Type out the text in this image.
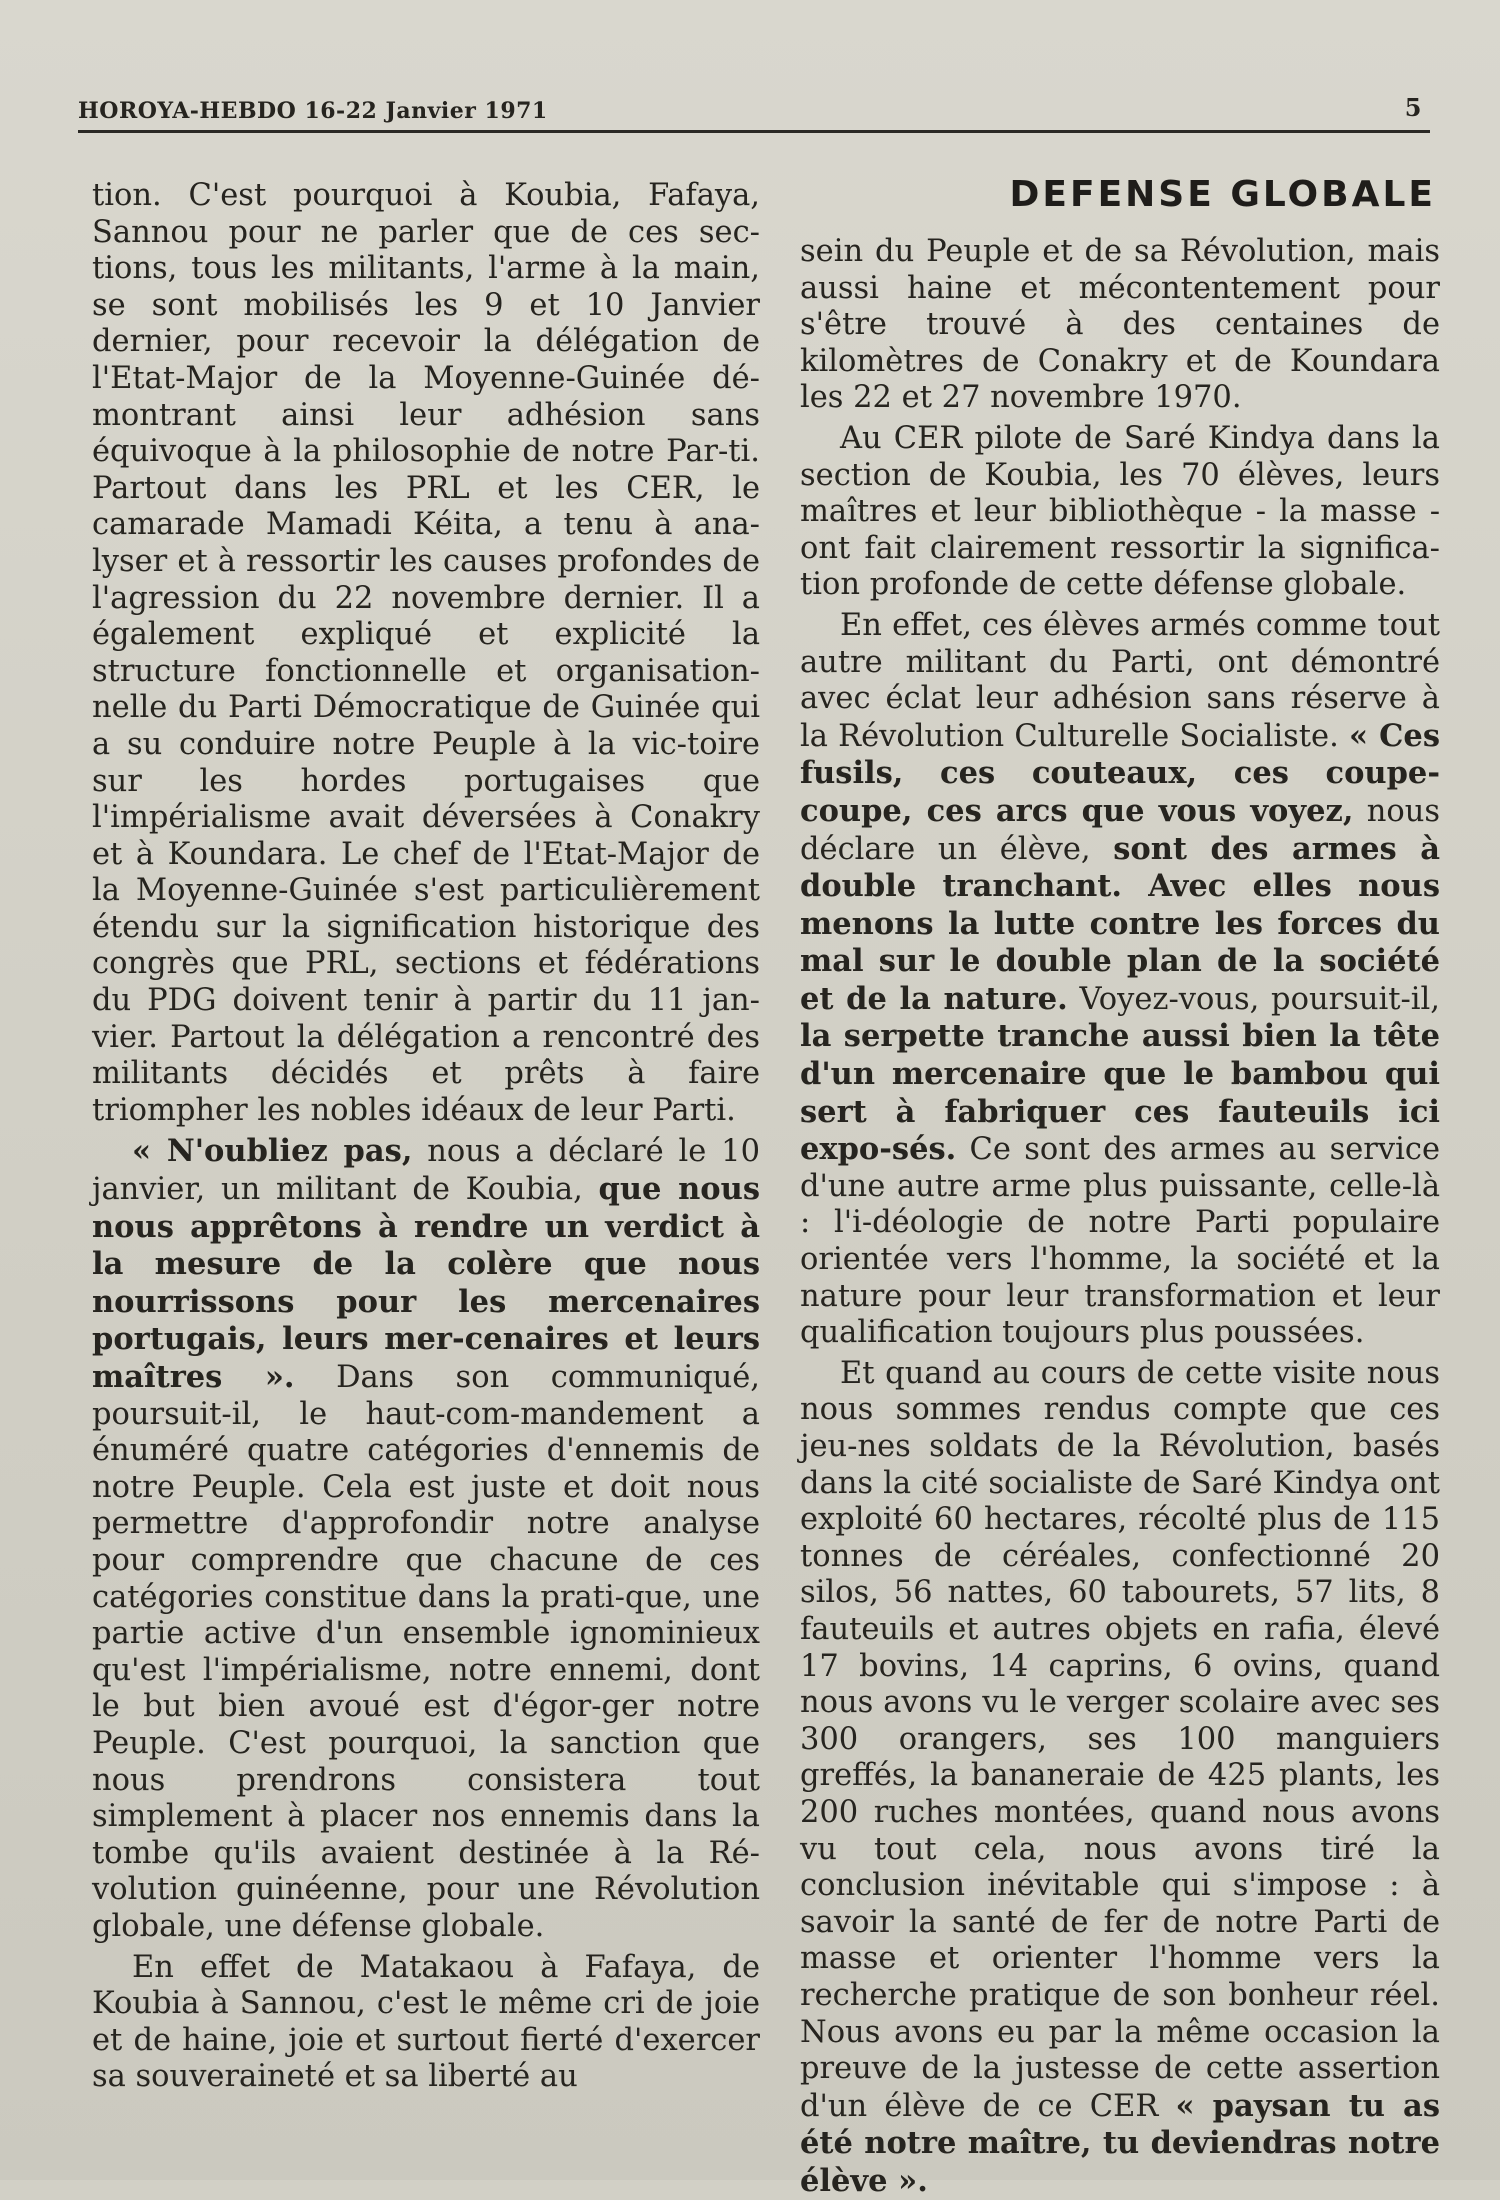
HOROYA-HEBDO 16-22 Janvier 1971	5
DEFENSE GLOBALE

tion. C'est pourquoi à Koubia, Fafaya, Sannou pour ne parler que de ces sec-tions, tous les militants, l'arme à la main, se sont mobilisés les 9 et 10 Janvier dernier, pour recevoir la délégation de l'Etat-Major de la Moyenne-Guinée dé-montrant ainsi leur adhésion sans équivoque à la philosophie de notre Par-ti. Partout dans les PRL et les CER, le camarade Mamadi Kéita, a tenu à ana-lyser et à ressortir les causes profondes de l'agression du 22 novembre dernier. Il a également expliqué et explicité la structure fonctionnelle et organisation-nelle du Parti Démocratique de Guinée qui a su conduire notre Peuple à la vic-toire sur les hordes portugaises que l'impérialisme avait déversées à Conakry et à Koundara. Le chef de l'Etat-Major de la Moyenne-Guinée s'est particulièrement étendu sur la signification historique des congrès que PRL, sections et fédérations du PDG doivent tenir à partir du 11 jan-vier. Partout la délégation a rencontré des militants décidés et prêts à faire triompher les nobles idéaux de leur Parti.

« N'oubliez pas, nous a déclaré le 10 janvier, un militant de Koubia, que nous nous apprêtons à rendre un verdict à la mesure de la colère que nous nourrissons pour les mercenaires portugais, leurs mer-cenaires et leurs maîtres ». Dans son communiqué, poursuit-il, le haut-com-mandement a énuméré quatre catégories d'ennemis de notre Peuple. Cela est juste et doit nous permettre d'approfondir notre analyse pour comprendre que chacune de ces catégories constitue dans la prati-que, une partie active d'un ensemble ignominieux qu'est l'impérialisme, notre ennemi, dont le but bien avoué est d'égor-ger notre Peuple. C'est pourquoi, la sanction que nous prendrons consistera tout simplement à placer nos ennemis dans la tombe qu'ils avaient destinée à la Ré-volution guinéenne, pour une Révolution globale, une défense globale.

En effet de Matakaou à Fafaya, de Koubia à Sannou, c'est le même cri de joie et de haine, joie et surtout fierté d'exercer sa souveraineté et sa liberté au

sein du Peuple et de sa Révolution, mais aussi haine et mécontentement pour s'être trouvé à des centaines de kilomètres de Conakry et de Koundara les 22 et 27 novembre 1970.

Au CER pilote de Saré Kindya dans la section de Koubia, les 70 élèves, leurs maîtres et leur bibliothèque - la masse - ont fait clairement ressortir la significa-tion profonde de cette défense globale.

En effet, ces élèves armés comme tout autre militant du Parti, ont démontré avec éclat leur adhésion sans réserve à la Révolution Culturelle Socialiste. « Ces fusils, ces couteaux, ces coupe-coupe, ces arcs que vous voyez, nous déclare un élève, sont des armes à double tranchant. Avec elles nous menons la lutte contre les forces du mal sur le double plan de la société et de la nature. Voyez-vous, poursuit-il, la serpette tranche aussi bien la tête d'un mercenaire que le bambou qui sert à fabriquer ces fauteuils ici expo-sés. Ce sont des armes au service d'une autre arme plus puissante, celle-là : l'i-déologie de notre Parti populaire orientée vers l'homme, la société et la nature pour leur transformation et leur qualification toujours plus poussées.

Et quand au cours de cette visite nous nous sommes rendus compte que ces jeu-nes soldats de la Révolution, basés dans la cité socialiste de Saré Kindya ont exploité 60 hectares, récolté plus de 115 tonnes de céréales, confectionné 20 silos, 56 nattes, 60 tabourets, 57 lits, 8 fauteuils et autres objets en rafia, élevé 17 bovins, 14 caprins, 6 ovins, quand nous avons vu le verger scolaire avec ses 300 orangers, ses 100 manguiers greffés, la bananeraie de 425 plants, les 200 ruches montées, quand nous avons vu tout cela, nous avons tiré la conclusion inévitable qui s'impose : à savoir la santé de fer de notre Parti de masse et orienter l'homme vers la recherche pratique de son bonheur réel. Nous avons eu par la même occasion la preuve de la justesse de cette assertion d'un élève de ce CER « paysan tu as été notre maître, tu deviendras notre élève ».
